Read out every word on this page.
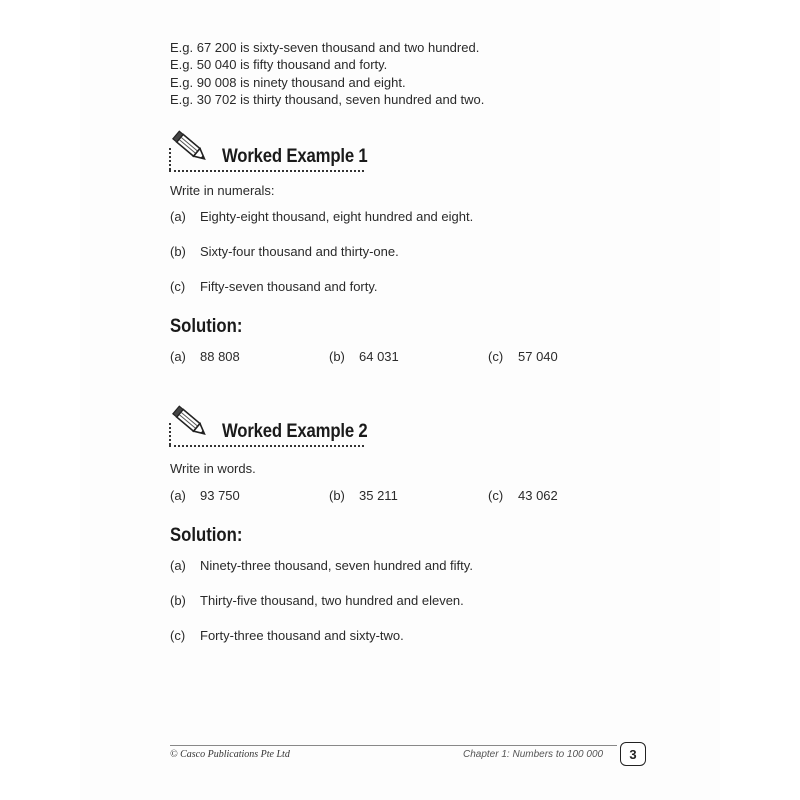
E.g. 67 200 is sixty-seven thousand and two hundred.
E.g. 50 040 is fifty thousand and forty.
E.g. 90 008 is ninety thousand and eight.
E.g. 30 702 is thirty thousand, seven hundred and two.
Worked Example 1
Write in numerals:
(a) Eighty-eight thousand, eight hundred and eight.
(b) Sixty-four thousand and thirty-one.
(c) Fifty-seven thousand and forty.
Solution:
(a) 88 808	(b) 64 031	(c) 57 040
Worked Example 2
Write in words.
(a) 93 750	(b) 35 211	(c) 43 062
Solution:
(a) Ninety-three thousand, seven hundred and fifty.
(b) Thirty-five thousand, two hundred and eleven.
(c) Forty-three thousand and sixty-two.
© Casco Publications Pte Ltd	Chapter 1: Numbers to 100 000	3
